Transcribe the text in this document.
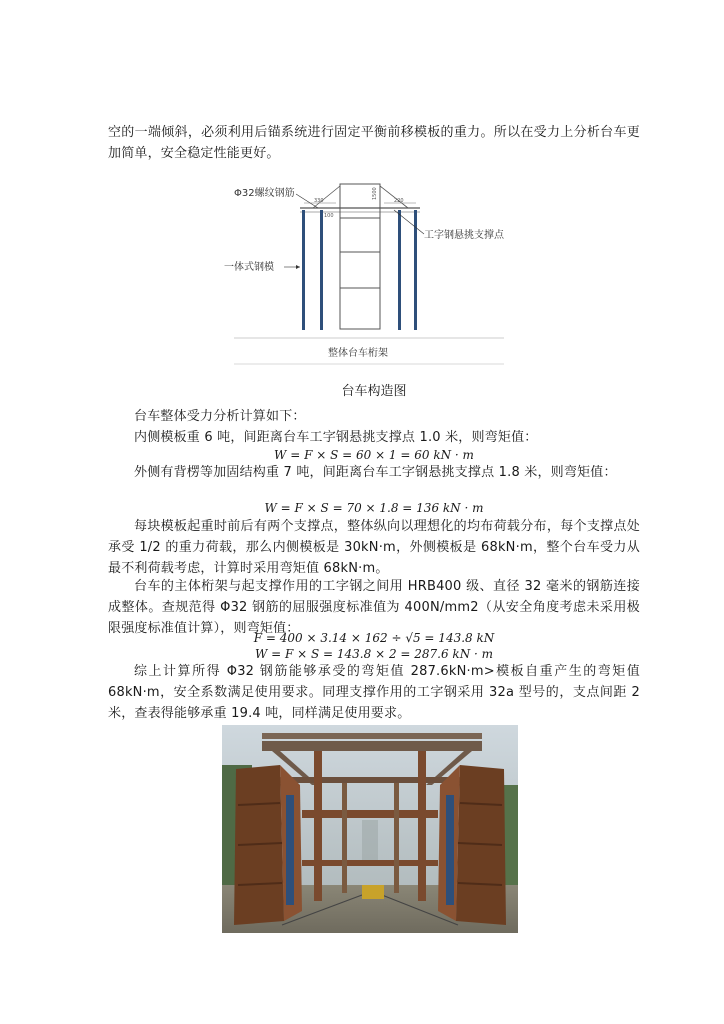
空的一端倾斜，必须利用后锚系统进行固定平衡前移模板的重力。所以在受力上分析台车更加简单，安全稳定性能更好。

330
100
220
1500
Φ32螺纹钢筋
工字钢悬挑支撑点
一体式钢模
整体台车桁架
台车构造图

台车整体受力分析计算如下：

内侧模板重 6 吨，间距离台车工字钢悬挑支撑点 1.0 米，则弯矩值：

W = F × S = 60 × 1 = 60 kN · m

外侧有背楞等加固结构重 7 吨，间距离台车工字钢悬挑支撑点 1.8 米，则弯矩值：

W = F × S = 70 × 1.8 = 136 kN · m

每块模板起重时前后有两个支撑点，整体纵向以理想化的均布荷载分布，每个支撑点处承受 1/2 的重力荷载，那么内侧模板是 30kN·m，外侧模板是 68kN·m，整个台车受力从最不利荷载考虑，计算时采用弯矩值 68kN·m。

台车的主体桁架与起支撑作用的工字钢之间用 HRB400 级、直径 32 毫米的钢筋连接成整体。查规范得 Φ32 钢筋的屈服强度标准值为 400N/mm2（从安全角度考虑未采用极限强度标准值计算），则弯矩值：

F = 400 × 3.14 × 162 ÷ √5 = 143.8 kN
W = F × S = 143.8 × 2 = 287.6 kN · m

综上计算所得 Φ32 钢筋能够承受的弯矩值 287.6kN·m>模板自重产生的弯矩值 68kN·m，安全系数满足使用要求。同理支撑作用的工字钢采用 32a 型号的，支点间距 2 米，查表得能够承重 19.4 吨，同样满足使用要求。
